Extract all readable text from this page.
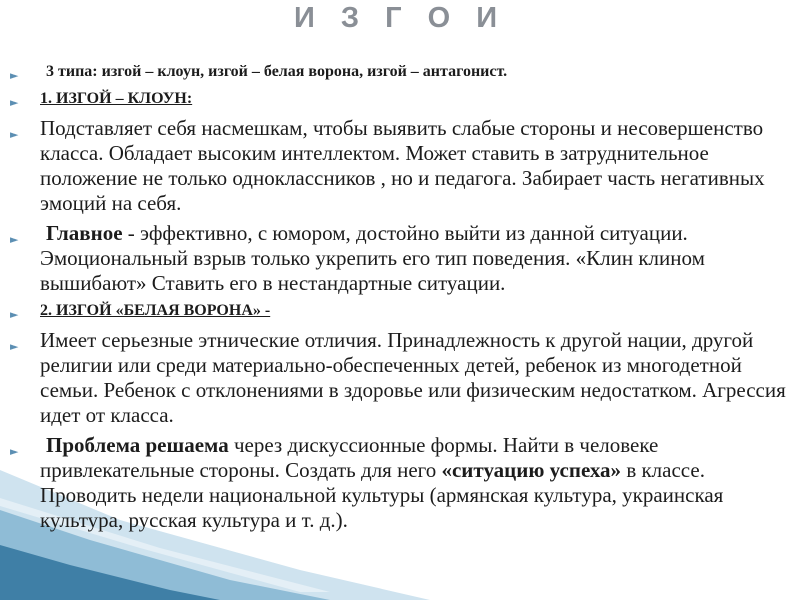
И З Г О И
► 3 типа: изгой – клоун, изгой – белая ворона, изгой – антагонист.
► 1. ИЗГОЙ – КЛОУН:
► Подставляет себя насмешкам, чтобы выявить слабые стороны и несовершенство класса. Обладает высоким интеллектом. Может ставить в затруднительное положение не только одноклассников , но и педагога. Забирает часть негативных эмоций на себя.
► Главное - эффективно, с юмором, достойно выйти из данной ситуации. Эмоциональный взрыв только укрепить его тип поведения. «Клин клином вышибают» Ставить его в нестандартные ситуации.
► 2. ИЗГОЙ «БЕЛАЯ ВОРОНА» -
► Имеет серьезные этнические отличия. Принадлежность к другой нации, другой религии или среди материально-обеспеченных детей, ребенок из многодетной семьи. Ребенок с отклонениями в здоровье или физическим недостатком. Агрессия идет от класса.
► Проблема решаема через дискуссионные формы. Найти в человеке привлекательные стороны. Создать для него «ситуацию успеха» в классе. Проводить недели национальной культуры (армянская культура, украинская культура, русская культура и т. д.).
